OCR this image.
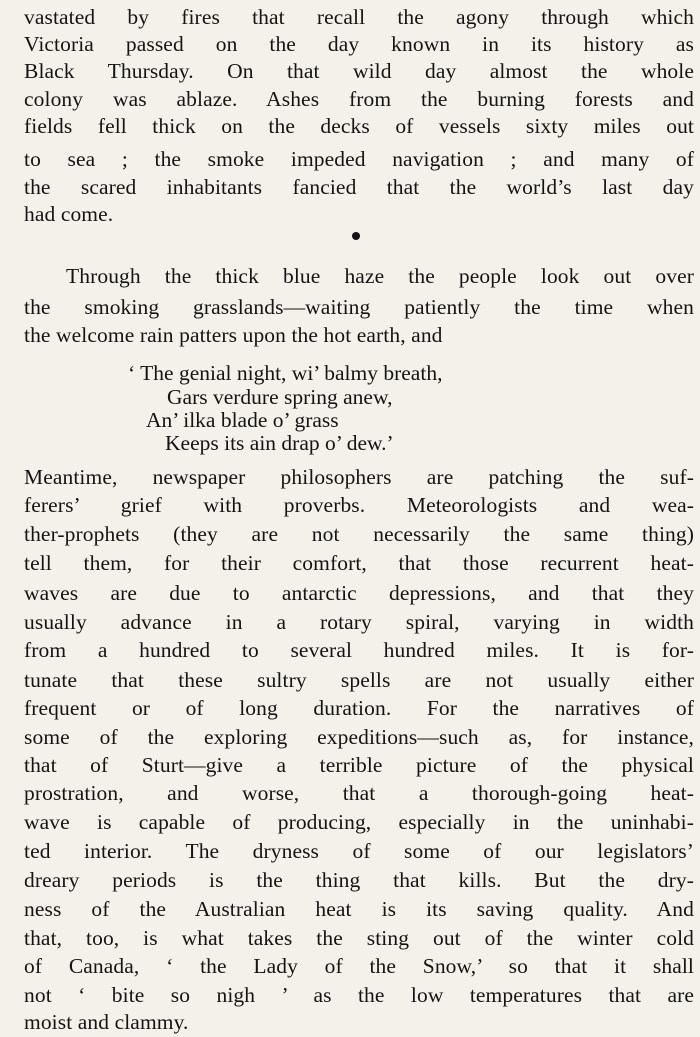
vastated by fires that recall the agony through which
Victoria passed on the day known in its history as
Black Thursday. On that wild day almost the whole
colony was ablaze. Ashes from the burning forests and
fields fell thick on the decks of vessels sixty miles out
to sea ; the smoke impeded navigation ; and many of
the scared inhabitants fancied that the world’s last day
had come.
Through the thick blue haze the people look out over
the smoking grasslands—waiting patiently the time when
the welcome rain patters upon the hot earth, and
‘ The genial night, wi’ balmy breath,
Gars verdure spring anew,
An’ ilka blade o’ grass
Keeps its ain drap o’ dew.’
Meantime, newspaper philosophers are patching the suf-
ferers’ grief with proverbs. Meteorologists and wea-
ther-prophets (they are not necessarily the same thing)
tell them, for their comfort, that those recurrent heat-
waves are due to antarctic depressions, and that they
usually advance in a rotary spiral, varying in width
from a hundred to several hundred miles. It is for-
tunate that these sultry spells are not usually either
frequent or of long duration. For the narratives of
some of the exploring expeditions—such as, for instance,
that of Sturt—give a terrible picture of the physical
prostration, and worse, that a thorough-going heat-
wave is capable of producing, especially in the uninhabi-
ted interior. The dryness of some of our legislators’
dreary periods is the thing that kills. But the dry-
ness of the Australian heat is its saving quality. And
that, too, is what takes the sting out of the winter cold
of Canada, ‘ the Lady of the Snow,’ so that it shall
not ‘ bite so nigh ’ as the low temperatures that are
moist and clammy.
